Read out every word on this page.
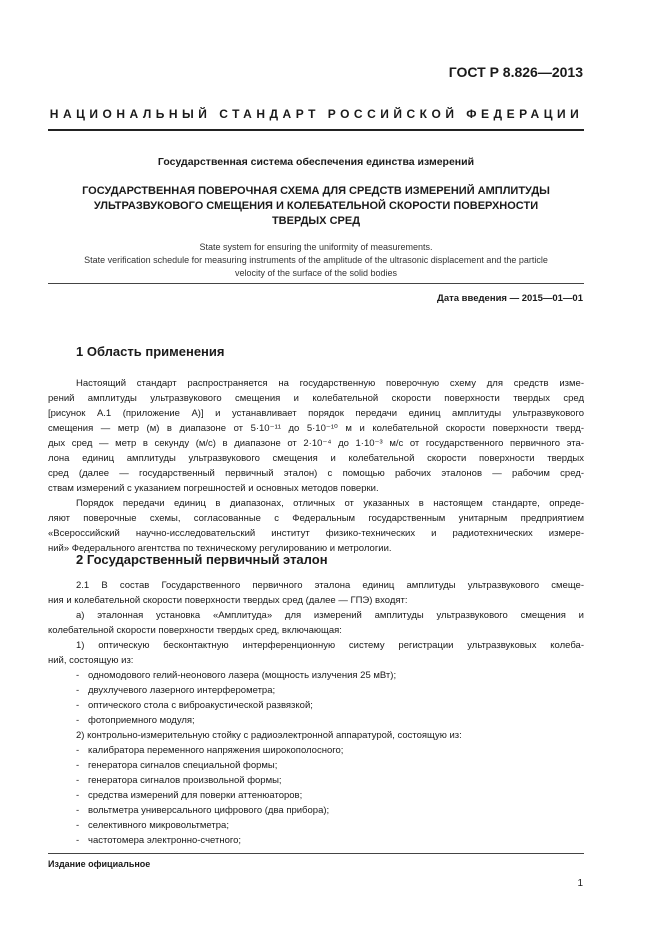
ГОСТ Р 8.826—2013
НАЦИОНАЛЬНЫЙ СТАНДАРТ РОССИЙСКОЙ ФЕДЕРАЦИИ
Государственная система обеспечения единства измерений
ГОСУДАРСТВЕННАЯ ПОВЕРОЧНАЯ СХЕМА ДЛЯ СРЕДСТВ ИЗМЕРЕНИЙ АМПЛИТУДЫ
УЛЬТРАЗВУКОВОГО СМЕЩЕНИЯ И КОЛЕБАТЕЛЬНОЙ СКОРОСТИ ПОВЕРХНОСТИ
ТВЕРДЫХ СРЕД
State system for ensuring the uniformity of measurements.
State verification schedule for measuring instruments of the amplitude of the ultrasonic displacement and the particle
velocity of the surface of the solid bodies
Дата введения — 2015—01—01
1 Область применения
Настоящий стандарт распространяется на государственную поверочную схему для средств изме-
рений амплитуды ультразвукового смещения и колебательной скорости поверхности твердых сред
[рисунок А.1 (приложение А)] и устанавливает порядок передачи единиц амплитуды ультразвукового
смещения — метр (м) в диапазоне от 5·10⁻¹¹ до 5·10⁻¹⁰ м и колебательной скорости поверхности тверд-
дых сред — метр в секунду (м/с) в диапазоне от 2·10⁻⁴ до 1·10⁻³ м/с от государственного первичного эта-
лона единиц амплитуды ультразвукового смещения и колебательной скорости поверхности твердых
сред (далее — государственный первичный эталон) с помощью рабочих эталонов — рабочим сред-
ствам измерений с указанием погрешностей и основных методов поверки.
Порядок передачи единиц в диапазонах, отличных от указанных в настоящем стандарте, опреде-
ляют поверочные схемы, согласованные с Федеральным государственным унитарным предприятием
«Всероссийский научно-исследовательский институт физико-технических и радиотехнических измере-
ний» Федерального агентства по техническому регулированию и метрологии.
2 Государственный первичный эталон
2.1 В состав Государственного первичного эталона единиц амплитуды ультразвукового смеще-
ния и колебательной скорости поверхности твердых сред (далее — ГПЭ) входят:
а) эталонная установка «Амплитуда» для измерений амплитуды ультразвукового смещения и
колебательной скорости поверхности твердых сред, включающая:
1) оптическую бесконтактную интерференционную систему регистрации ультразвуковых колеба-
ний, состоящую из:
- одномодового гелий-неонового лазера (мощность излучения 25 мВт);
- двухлучевого лазерного интерферометра;
- оптического стола с виброакустической развязкой;
- фотоприемного модуля;
2) контрольно-измерительную стойку с радиоэлектронной аппаратурой, состоящую из:
- калибратора переменного напряжения широкополосного;
- генератора сигналов специальной формы;
- генератора сигналов произвольной формы;
- средства измерений для поверки аттенюаторов;
- вольтметра универсального цифрового (два прибора);
- селективного микровольтметра;
- частотомера электронно-счетного;
Издание официальное
1
